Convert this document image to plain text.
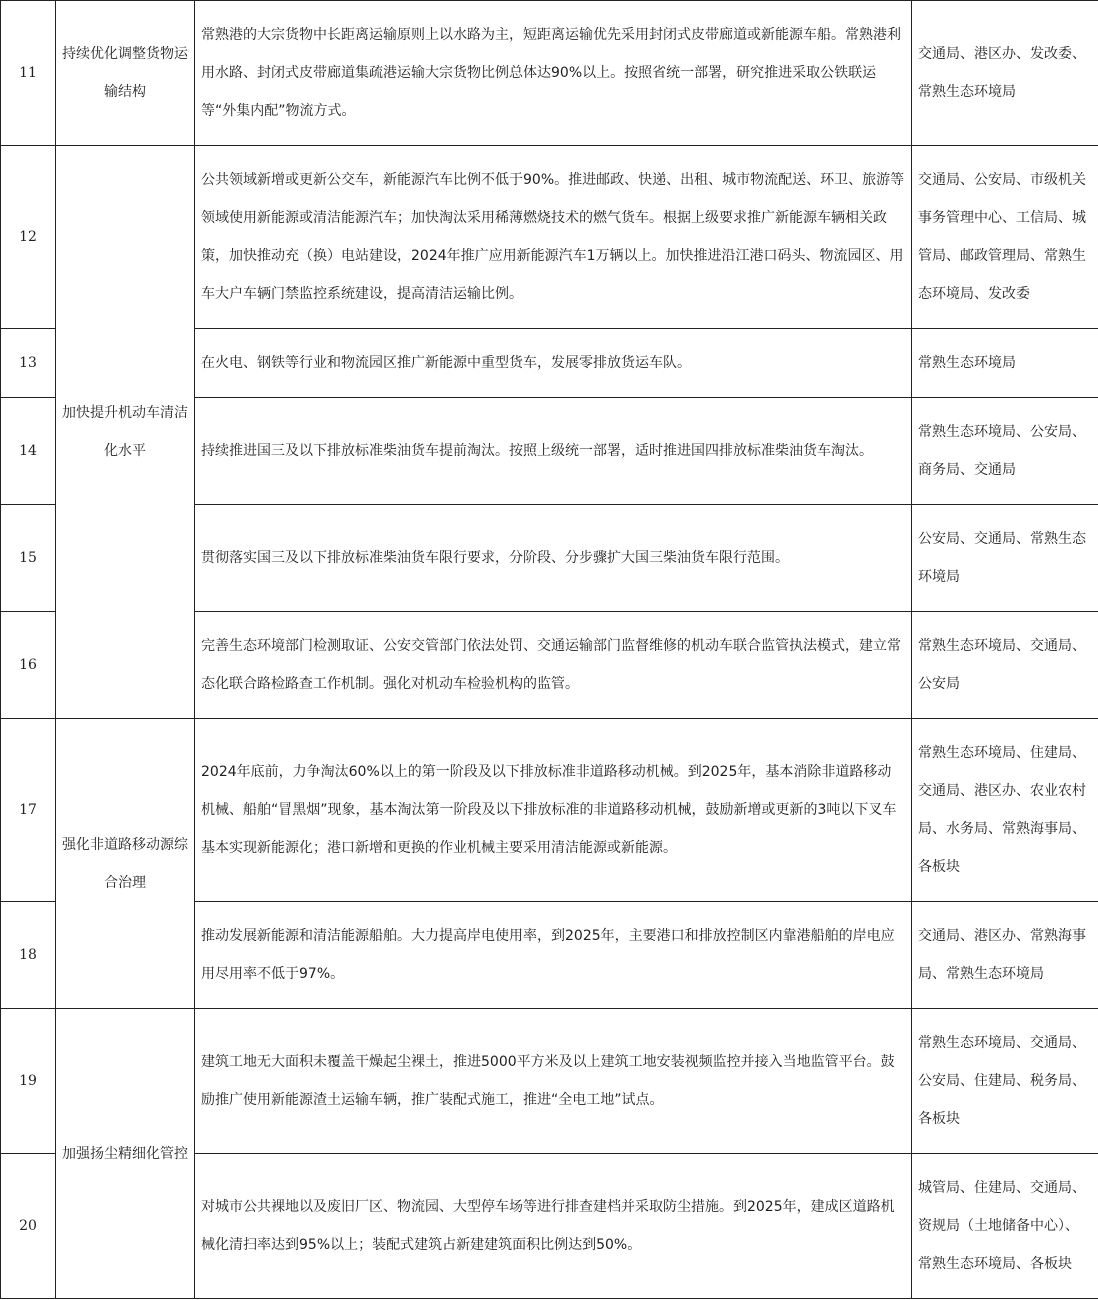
11	持续优化调整货物运输结构	常熟港的大宗货物中长距离运输原则上以水路为主，短距离运输优先采用封闭式皮带廊道或新能源车船。常熟港利用水路、封闭式皮带廊道集疏港运输大宗货物比例总体达90%以上。按照省统一部署，研究推进采取公铁联运等“外集内配”物流方式。	交通局、港区办、发改委、常熟生态环境局
12	加快提升机动车清洁化水平	公共领域新增或更新公交车，新能源汽车比例不低于90%。推进邮政、快递、出租、城市物流配送、环卫、旅游等领域使用新能源或清洁能源汽车；加快淘汰采用稀薄燃烧技术的燃气货车。根据上级要求推广新能源车辆相关政策，加快推动充（换）电站建设，2024年推广应用新能源汽车1万辆以上。加快推进沿江港口码头、物流园区、用车大户车辆门禁监控系统建设，提高清洁运输比例。	交通局、公安局、市级机关事务管理中心、工信局、城管局、邮政管理局、常熟生态环境局、发改委
13		在火电、钢铁等行业和物流园区推广新能源中重型货车，发展零排放货运车队。	常熟生态环境局
14		持续推进国三及以下排放标准柴油货车提前淘汰。按照上级统一部署，适时推进国四排放标准柴油货车淘汰。	常熟生态环境局、公安局、商务局、交通局
15		贯彻落实国三及以下排放标准柴油货车限行要求，分阶段、分步骤扩大国三柴油货车限行范围。	公安局、交通局、常熟生态环境局
16		完善生态环境部门检测取证、公安交管部门依法处罚、交通运输部门监督维修的机动车联合监管执法模式，建立常态化联合路检路查工作机制。强化对机动车检验机构的监管。	常熟生态环境局、交通局、公安局
17	强化非道路移动源综合治理	2024年底前，力争淘汰60%以上的第一阶段及以下排放标准非道路移动机械。到2025年，基本消除非道路移动机械、船舶“冒黑烟”现象，基本淘汰第一阶段及以下排放标准的非道路移动机械，鼓励新增或更新的3吨以下叉车基本实现新能源化；港口新增和更换的作业机械主要采用清洁能源或新能源。	常熟生态环境局、住建局、交通局、港区办、农业农村局、水务局、常熟海事局、各板块
18		推动发展新能源和清洁能源船舶。大力提高岸电使用率，到2025年，主要港口和排放控制区内靠港船舶的岸电应用尽用率不低于97%。	交通局、港区办、常熟海事局、常熟生态环境局
19	加强扬尘精细化管控	建筑工地无大面积未覆盖干燥起尘裸土，推进5000平方米及以上建筑工地安装视频监控并接入当地监管平台。鼓励推广使用新能源渣土运输车辆，推广装配式施工，推进“全电工地”试点。	常熟生态环境局、交通局、公安局、住建局、税务局、各板块
20		对城市公共裸地以及废旧厂区、物流园、大型停车场等进行排查建档并采取防尘措施。到2025年，建成区道路机械化清扫率达到95%以上；装配式建筑占新建建筑面积比例达到50%。	城管局、住建局、交通局、资规局（土地储备中心）、常熟生态环境局、各板块
